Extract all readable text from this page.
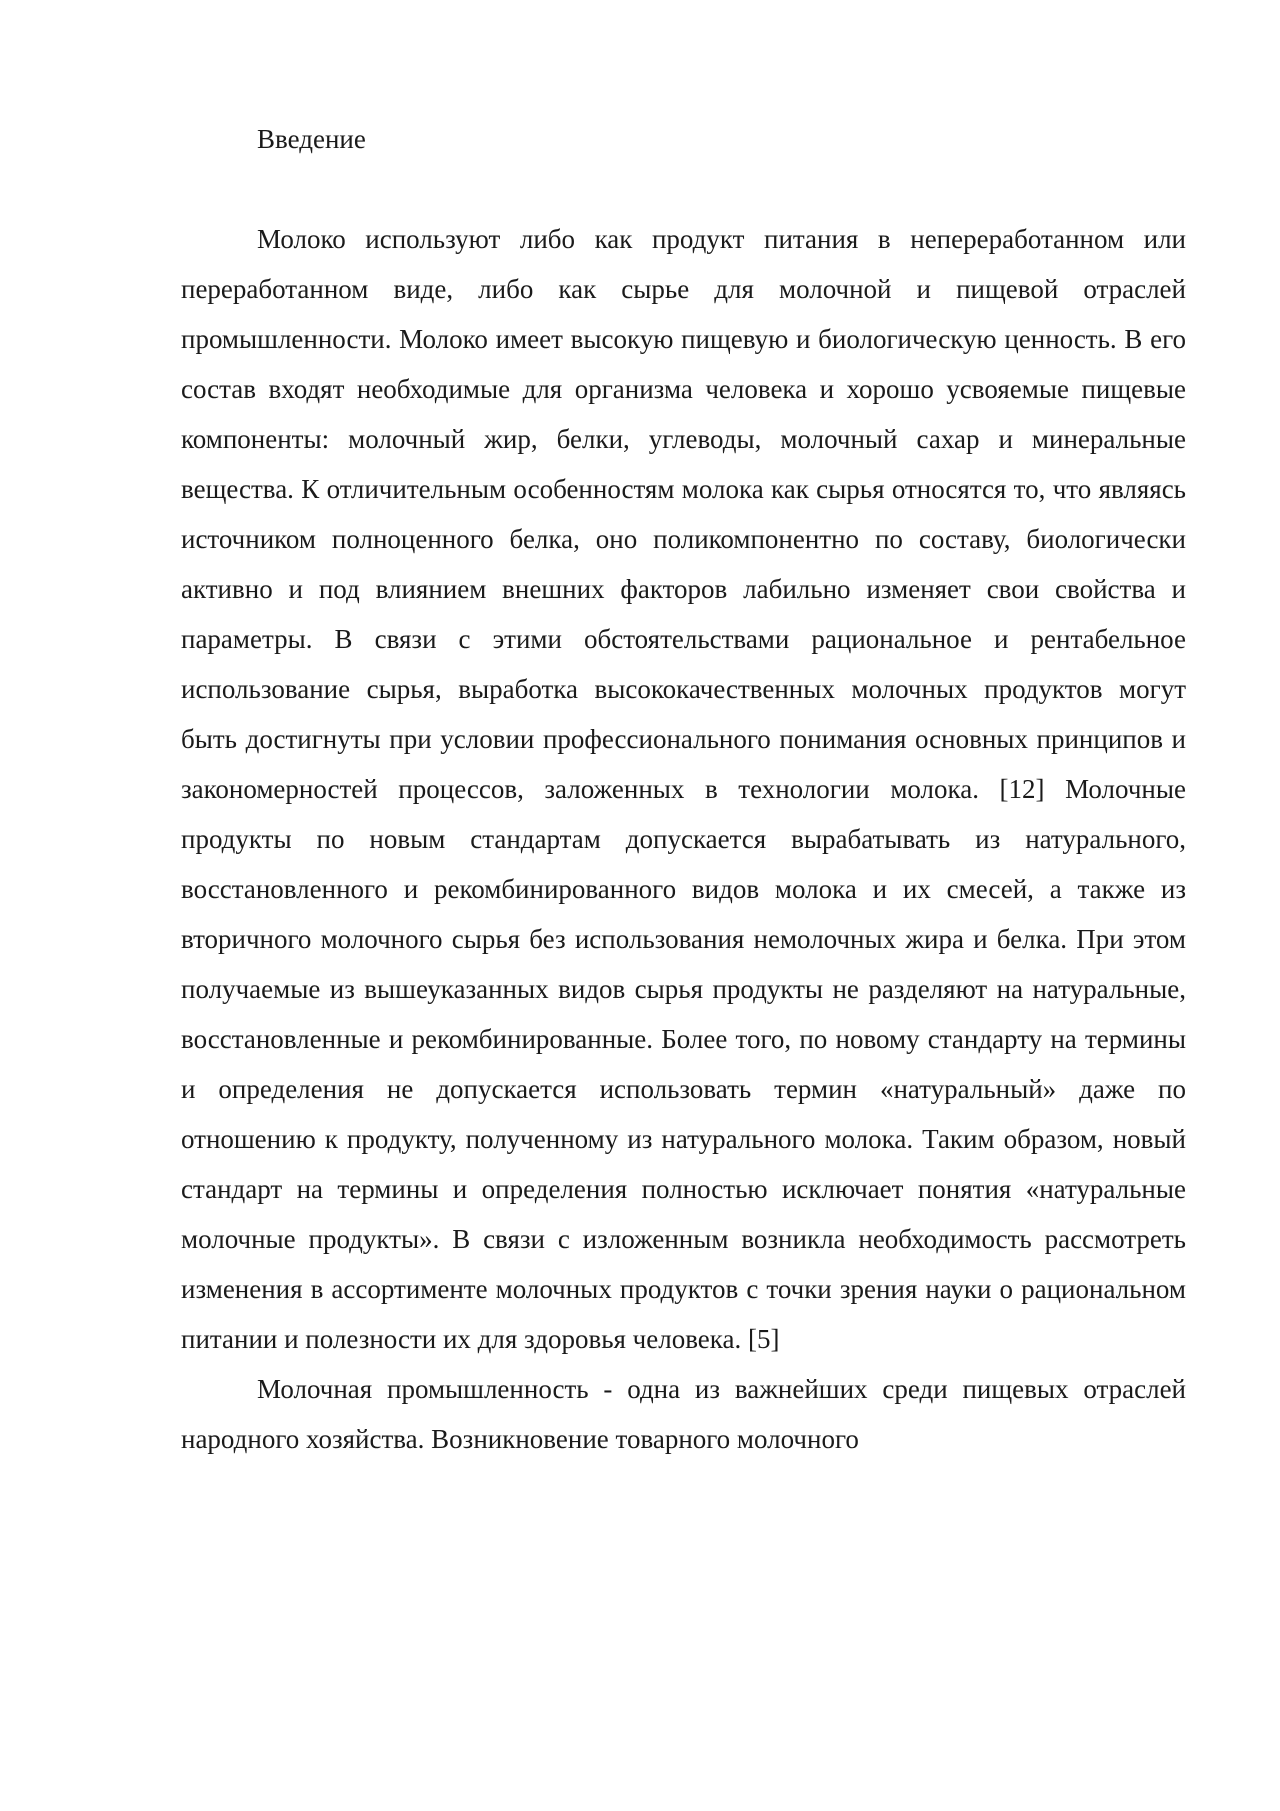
Введение

Молоко используют либо как продукт питания в непереработанном или переработанном виде, либо как сырье для молочной и пищевой отраслей промышленности. Молоко имеет высокую пищевую и биологическую ценность. В его состав входят необходимые для организма человека и хорошо усвояемые пищевые компоненты: молочный жир, белки, углеводы, молочный сахар и минеральные вещества. К отличительным особенностям молока как сырья относятся то, что являясь источником полноценного белка, оно поликомпонентно по составу, биологически активно и под влиянием внешних факторов лабильно изменяет свои свойства и параметры. В связи с этими обстоятельствами рациональное и рентабельное использование сырья, выработка высококачественных молочных продуктов могут быть достигнуты при условии профессионального понимания основных принципов и закономерностей процессов, заложенных в технологии молока. [12] Молочные продукты по новым стандартам допускается вырабатывать из натурального, восстановленного и рекомбинированного видов молока и их смесей, а также из вторичного молочного сырья без использования немолочных жира и белка. При этом получаемые из вышеуказанных видов сырья продукты не разделяют на натуральные, восстановленные и рекомбинированные. Более того, по новому стандарту на термины и определения не допускается использовать термин «натуральный» даже по отношению к продукту, полученному из натурального молока. Таким образом, новый стандарт на термины и определения полностью исключает понятия «натуральные молочные продукты». В связи с изложенным возникла необходимость рассмотреть изменения в ассортименте молочных продуктов с точки зрения науки о рациональном питании и полезности их для здоровья человека. [5]

Молочная промышленность - одна из важнейших среди пищевых отраслей народного хозяйства. Возникновение товарного молочного
